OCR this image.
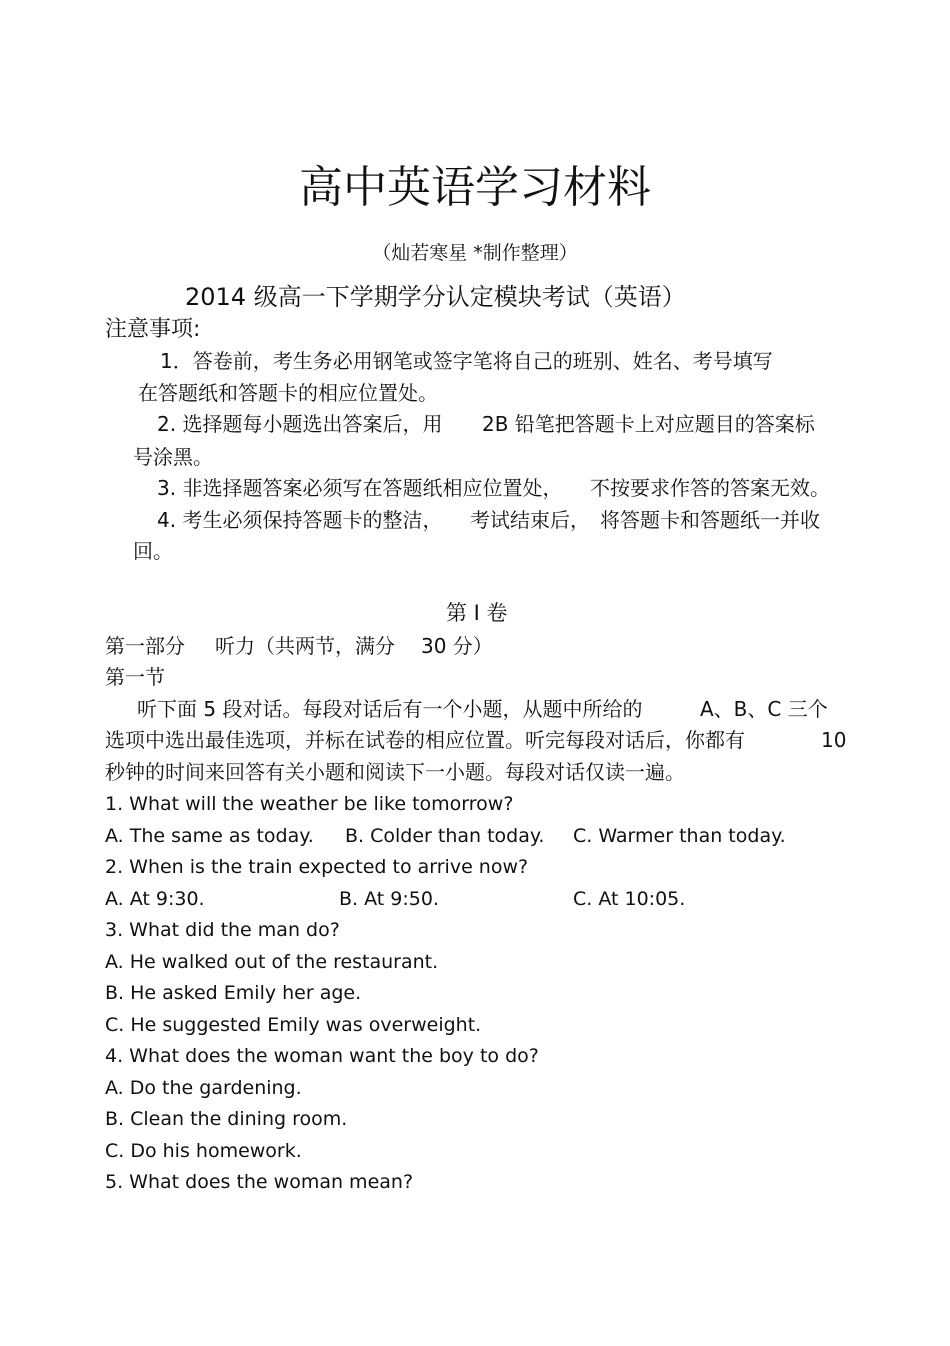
高中英语学习材料
（灿若寒星 *制作整理）
2014 级高一下学期学分认定模块考试（英语）
注意事项:
1．答卷前，考生务必用钢笔或签字笔将自己的班别、姓名、考号填写
在答题纸和答题卡的相应位置处。
2. 选择题每小题选出答案后，用 2B 铅笔把答题卡上对应题目的答案标
号涂黑。
3. 非选择题答案必须写在答题纸相应位置处， 不按要求作答的答案无效。
4. 考生必须保持答题卡的整洁， 考试结束后， 将答题卡和答题纸一并收
回。
第 I 卷
第一部分 听力（共两节，满分 30 分）
第一节
听下面 5 段对话。每段对话后有一个小题，从题中所给的	A、B、C 三个
选项中选出最佳选项，并标在试卷的相应位置。听完每段对话后，你都有	10
秒钟的时间来回答有关小题和阅读下一小题。每段对话仅读一遍。
1. What will the weather be like tomorrow?
A. The same as today. B. Colder than today. C. Warmer than today.
2. When is the train expected to arrive now?
A. At 9:30.	B. At 9:50.	C. At 10:05.
3. What did the man do?
A. He walked out of the restaurant.
B. He asked Emily her age.
C. He suggested Emily was overweight.
4. What does the woman want the boy to do?
A. Do the gardening.
B. Clean the dining room.
C. Do his homework.
5. What does the woman mean?
